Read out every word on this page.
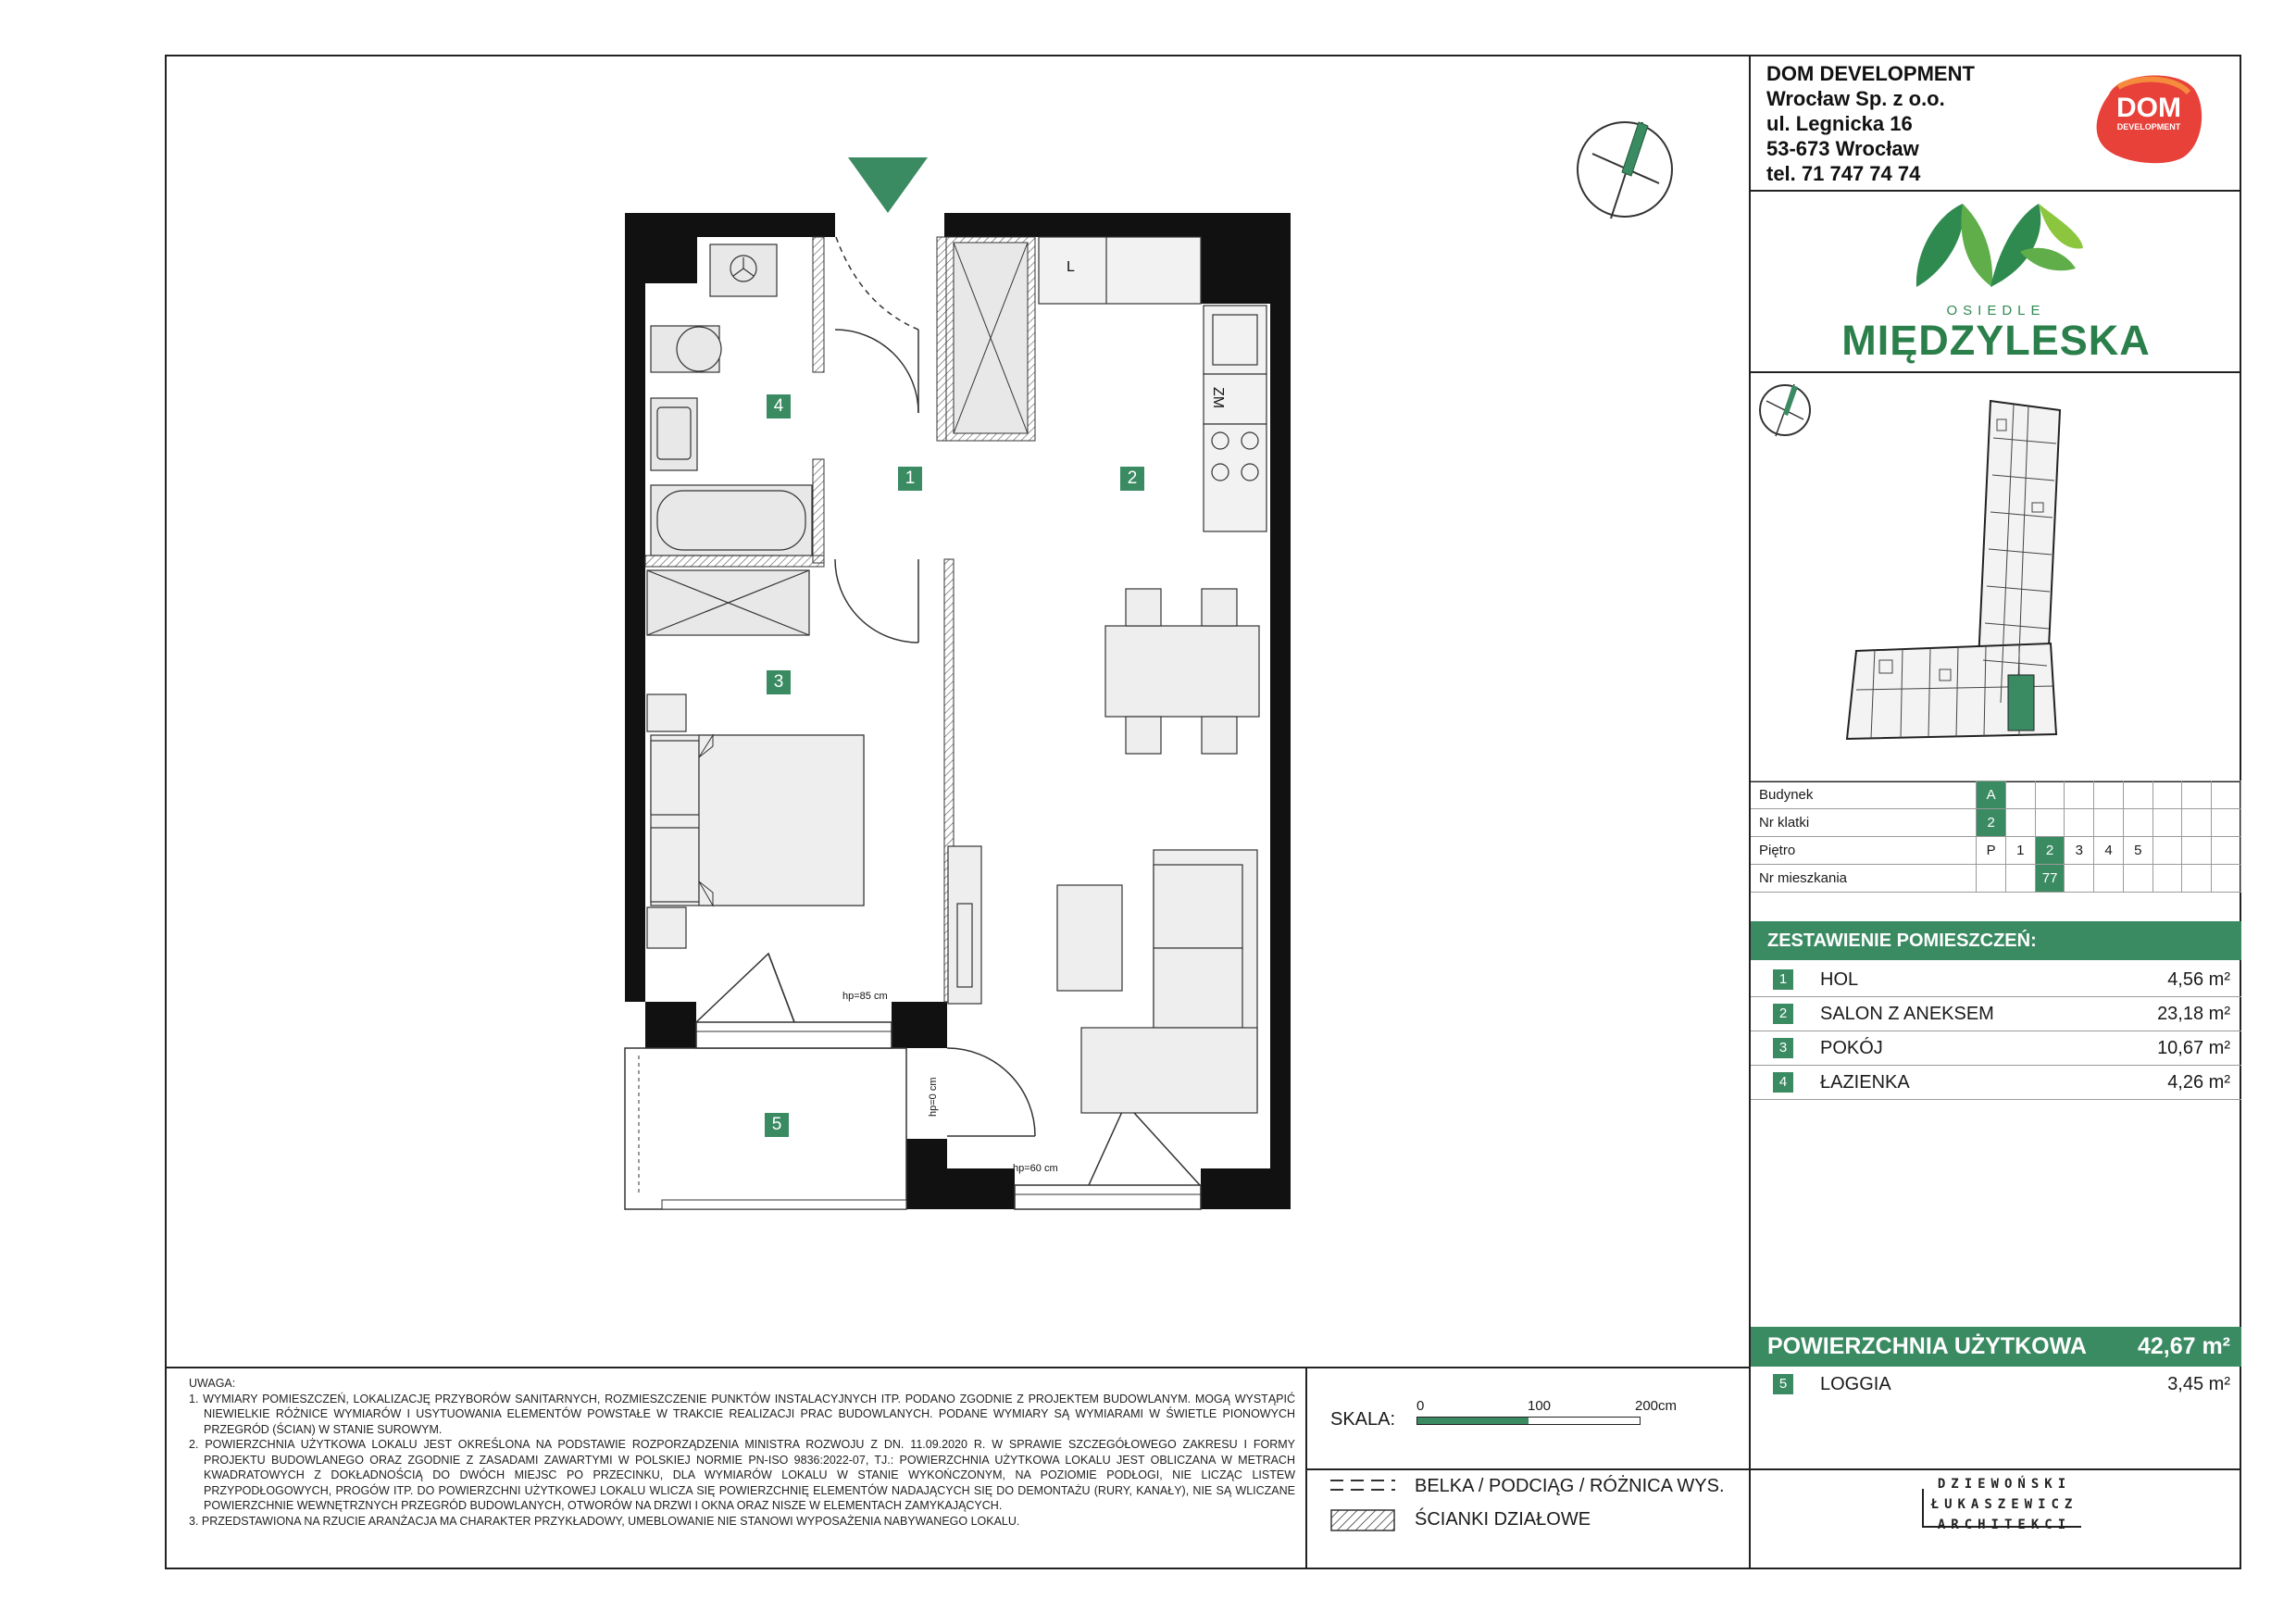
DOM DEVELOPMENT
Wrocław Sp. z o.o.
ul. Legnicka 16
53-673 Wrocław
tel. 71 747 74 74
DOM
DEVELOPMENT
OSIEDLE
MIĘDZYLESKA
Budynek	A								
Nr klatki	2								
Piętro	P	1	2	3	4	5			
Nr mieszkania			77						
ZESTAWIENIE POMIESZCZEŃ:
1	HOL	4,56 m²
2	SALON Z ANEKSEM	23,18 m²
3	POKÓJ	10,67 m²
4	ŁAZIENKA	4,26 m²
POWIERZCHNIA UŻYTKOWA 42,67 m²
5	LOGGIA	3,45 m²

UWAGA:

1. WYMIARY POMIESZCZEŃ, LOKALIZACJĘ PRZYBORÓW SANITARNYCH, ROZMIESZCZENIE PUNKTÓW INSTALACYJNYCH ITP. PODANO ZGODNIE Z PROJEKTEM BUDOWLANYM. MOGĄ WYSTĄPIĆ NIEWIELKIE RÓŻNICE WYMIARÓW I USYTUOWANIA ELEMENTÓW POWSTAŁE W TRAKCIE REALIZACJI PRAC BUDOWLANYCH. PODANE WYMIARY SĄ WYMIARAMI W ŚWIETLE PIONOWYCH PRZEGRÓD (ŚCIAN) W STANIE SUROWYM.

2. POWIERZCHNIA UŻYTKOWA LOKALU JEST OKREŚLONA NA PODSTAWIE ROZPORZĄDZENIA MINISTRA ROZWOJU Z DN. 11.09.2020 R. W SPRAWIE SZCZEGÓŁOWEGO ZAKRESU I FORMY PROJEKTU BUDOWLANEGO ORAZ ZGODNIE Z ZASADAMI ZAWARTYMI W POLSKIEJ NORMIE PN-ISO 9836:2022-07, TJ.: POWIERZCHNIA UŻYTKOWA LOKALU JEST OBLICZANA W METRACH KWADRATOWYCH Z DOKŁADNOŚCIĄ DO DWÓCH MIEJSC PO PRZECINKU, DLA WYMIARÓW LOKALU W STANIE WYKOŃCZONYM, NA POZIOMIE PODŁOGI, NIE LICZĄC LISTEW PRZYPODŁOGOWYCH, PROGÓW ITP. DO POWIERZCHNI UŻYTKOWEJ LOKALU WLICZA SIĘ POWIERZCHNIĘ ELEMENTÓW NADAJĄCYCH SIĘ DO DEMONTAŻU (RURY, KANAŁY), NIE SĄ WLICZANE POWIERZCHNIE WEWNĘTRZNYCH PRZEGRÓD BUDOWLANYCH, OTWORÓW NA DRZWI I OKNA ORAZ NISZE W ELEMENTACH ZAMYKAJĄCYCH.

3. PRZEDSTAWIONA NA RZUCIE ARANŻACJA MA CHARAKTER PRZYKŁADOWY, UMEBLOWANIE NIE STANOWI WYPOSAŻENIA NABYWANEGO LOKALU.

SKALA:
0	100	200cm
BELKA / PODCIĄG / RÓŻNICA WYS.
ŚCIANKI DZIAŁOWE
DZIEWOŃSKI
ŁUKASZEWICZ
ARCHITEKCI
1	2
3
4
5
hp=85 cm
hp=60 cm
hp=0 cm
L
ZM
